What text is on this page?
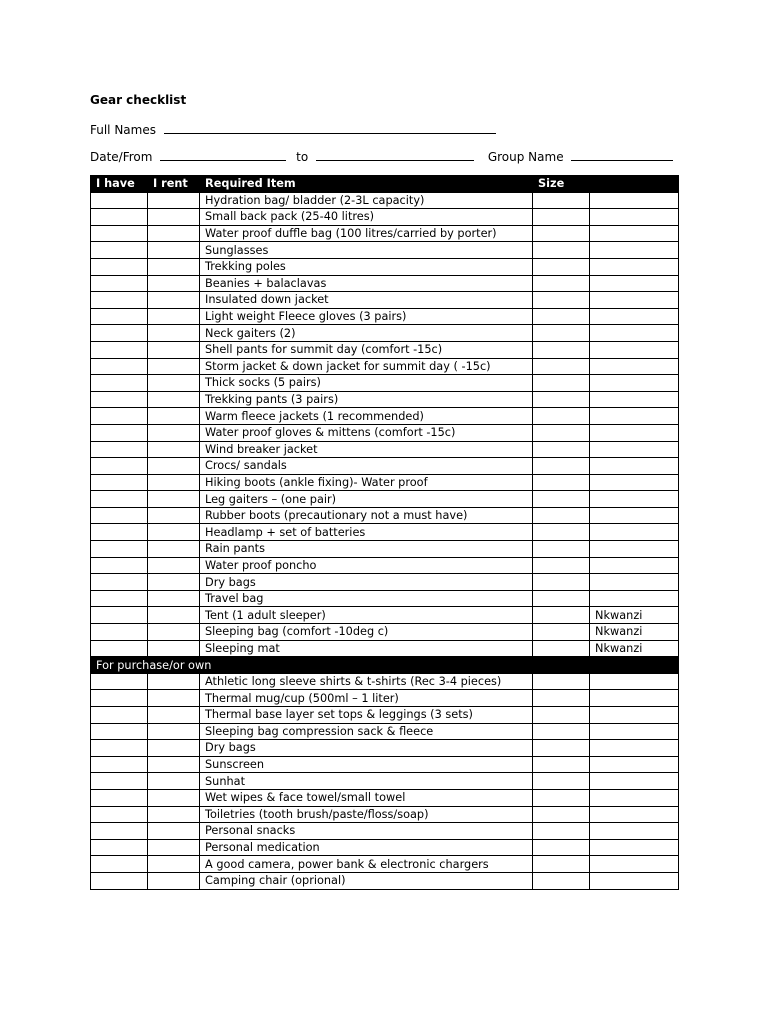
Gear checklist
Full Names
Date/From	to	Group Name
I have	I rent	Required Item	Size	
		Hydration bag/ bladder (2-3L capacity)		
		Small back pack (25-40 litres)		
		Water proof duffle bag (100 litres/carried by porter)		
		Sunglasses		
		Trekking poles		
		Beanies + balaclavas		
		Insulated down jacket		
		Light weight Fleece gloves (3 pairs)		
		Neck gaiters (2)		
		Shell pants for summit day (comfort -15c)		
		Storm jacket & down jacket for summit day ( -15c)		
		Thick socks (5 pairs)		
		Trekking pants (3 pairs)		
		Warm fleece jackets (1 recommended)		
		Water proof gloves & mittens (comfort -15c)		
		Wind breaker jacket		
		Crocs/ sandals		
		Hiking boots (ankle fixing)- Water proof		
		Leg gaiters – (one pair)		
		Rubber boots (precautionary not a must have)		
		Headlamp + set of batteries		
		Rain pants		
		Water proof poncho		
		Dry bags		
		Travel bag		
		Tent (1 adult sleeper)		Nkwanzi
		Sleeping bag (comfort -10deg c)		Nkwanzi
		Sleeping mat		Nkwanzi
For purchase/or own				
		Athletic long sleeve shirts & t-shirts (Rec 3-4 pieces)		
		Thermal mug/cup (500ml – 1 liter)		
		Thermal base layer set tops & leggings (3 sets)		
		Sleeping bag compression sack & fleece		
		Dry bags		
		Sunscreen		
		Sunhat		
		Wet wipes & face towel/small towel		
		Toiletries (tooth brush/paste/floss/soap)		
		Personal snacks		
		Personal medication		
		A good camera, power bank & electronic chargers		
		Camping chair (oprional)		
